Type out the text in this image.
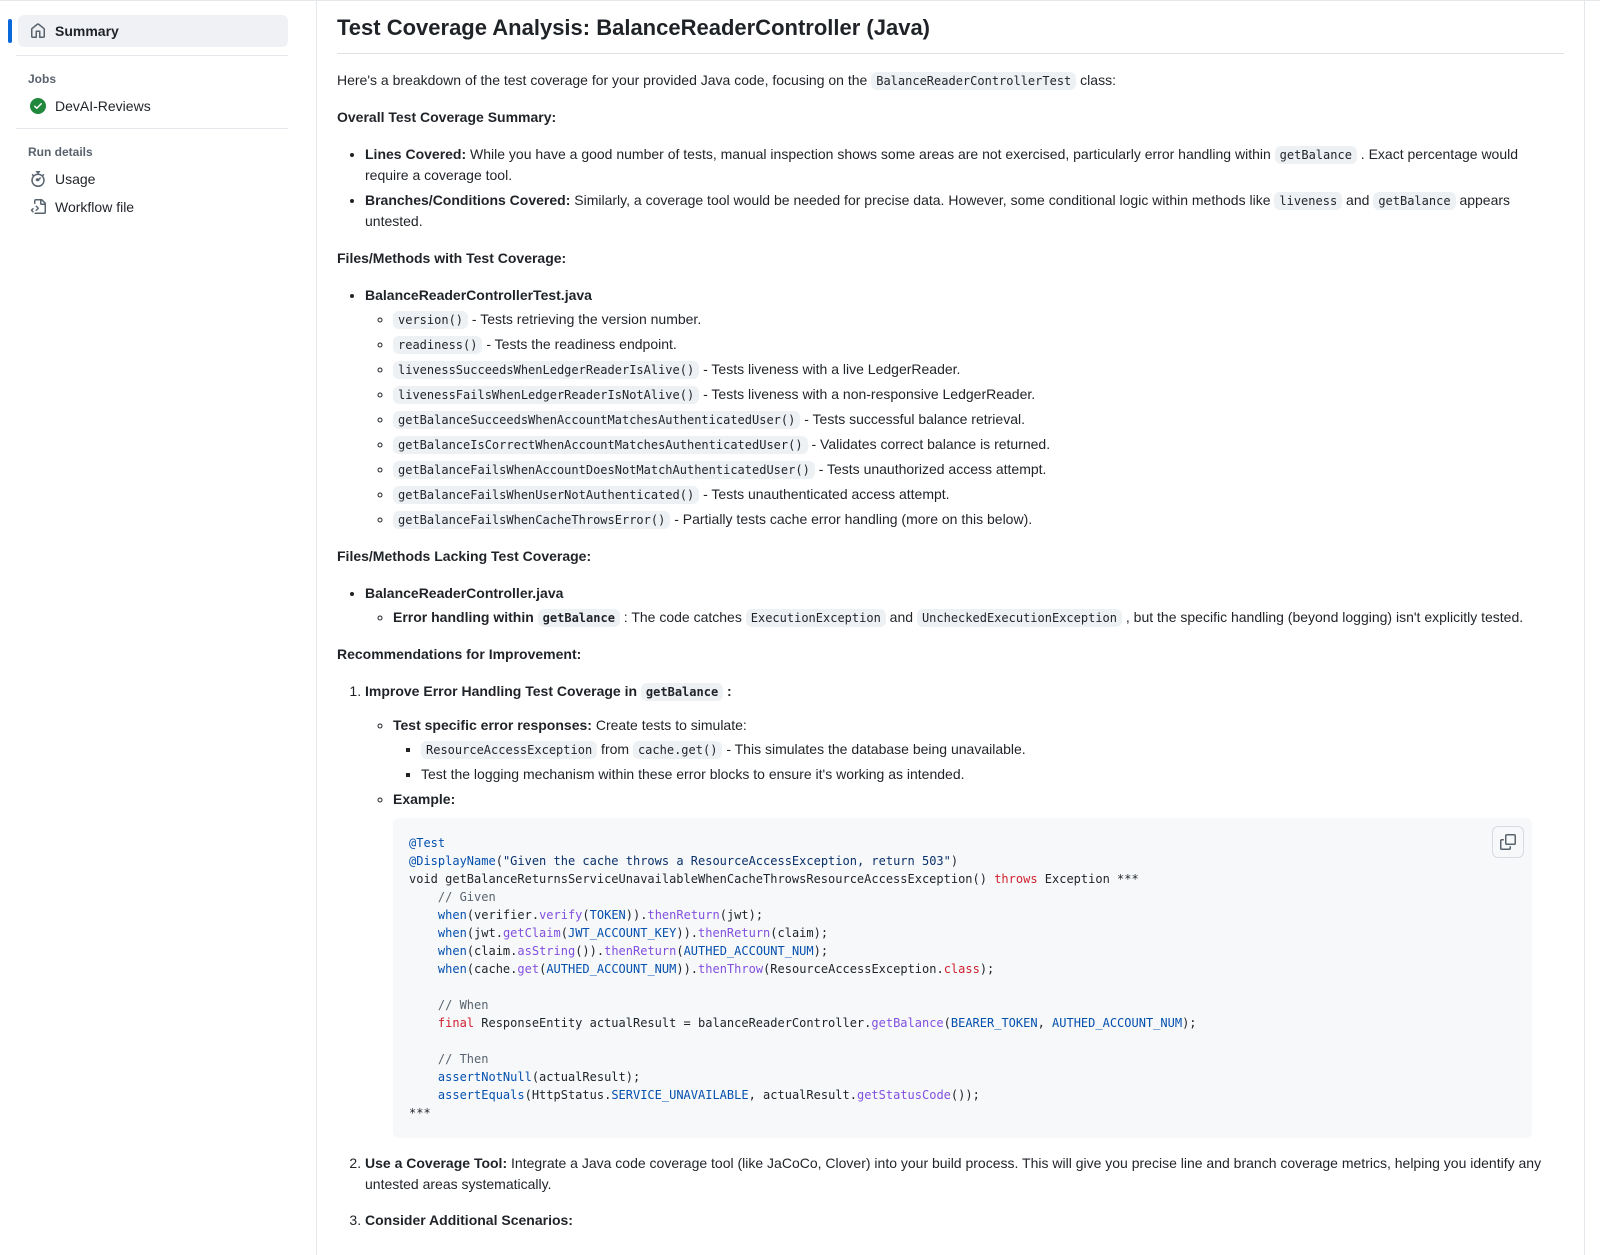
Summary
Jobs
DevAI-Reviews
Run details
Usage
Workflow file
Test Coverage Analysis: BalanceReaderController (Java)

Here's a breakdown of the test coverage for your provided Java code, focusing on the BalanceReaderControllerTest class:

Overall Test Coverage Summary:

• Lines Covered: While you have a good number of tests, manual inspection shows some areas are not exercised, particularly error handling within getBalance . Exact percentage would require a coverage tool.
• Branches/Conditions Covered: Similarly, a coverage tool would be needed for precise data. However, some conditional logic within methods like liveness and getBalance appears untested.

Files/Methods with Test Coverage:

• BalanceReaderControllerTest.java
◦ version() - Tests retrieving the version number.
◦ readiness() - Tests the readiness endpoint.
◦ livenessSucceedsWhenLedgerReaderIsAlive() - Tests liveness with a live LedgerReader.
◦ livenessFailsWhenLedgerReaderIsNotAlive() - Tests liveness with a non-responsive LedgerReader.
◦ getBalanceSucceedsWhenAccountMatchesAuthenticatedUser() - Tests successful balance retrieval.
◦ getBalanceIsCorrectWhenAccountMatchesAuthenticatedUser() - Validates correct balance is returned.
◦ getBalanceFailsWhenAccountDoesNotMatchAuthenticatedUser() - Tests unauthorized access attempt.
◦ getBalanceFailsWhenUserNotAuthenticated() - Tests unauthenticated access attempt.
◦ getBalanceFailsWhenCacheThrowsError() - Partially tests cache error handling (more on this below).

Files/Methods Lacking Test Coverage:

• BalanceReaderController.java
◦ Error handling within getBalance : The code catches ExecutionException and UncheckedExecutionException , but the specific handling (beyond logging) isn't explicitly tested.

Recommendations for Improvement:

1. Improve Error Handling Test Coverage in getBalance :

◦ Test specific error responses: Create tests to simulate:
▪ ResourceAccessException from cache.get() - This simulates the database being unavailable.
▪ Test the logging mechanism within these error blocks to ensure it's working as intended.
◦ Example:
@Test
@DisplayName("Given the cache throws a ResourceAccessException, return 503")
void getBalanceReturnsServiceUnavailableWhenCacheThrowsResourceAccessException() throws Exception ***
// Given
when(verifier.verify(TOKEN)).thenReturn(jwt);
when(jwt.getClaim(JWT_ACCOUNT_KEY)).thenReturn(claim);
when(claim.asString()).thenReturn(AUTHED_ACCOUNT_NUM);
when(cache.get(AUTHED_ACCOUNT_NUM)).thenThrow(ResourceAccessException.class);

// When
final ResponseEntity actualResult = balanceReaderController.getBalance(BEARER_TOKEN, AUTHED_ACCOUNT_NUM);

// Then
assertNotNull(actualResult);
assertEquals(HttpStatus.SERVICE_UNAVAILABLE, actualResult.getStatusCode());
***
2. Use a Coverage Tool: Integrate a Java code coverage tool (like JaCoCo, Clover) into your build process. This will give you precise line and branch coverage metrics, helping you identify any untested areas systematically.
3. Consider Additional Scenarios:
